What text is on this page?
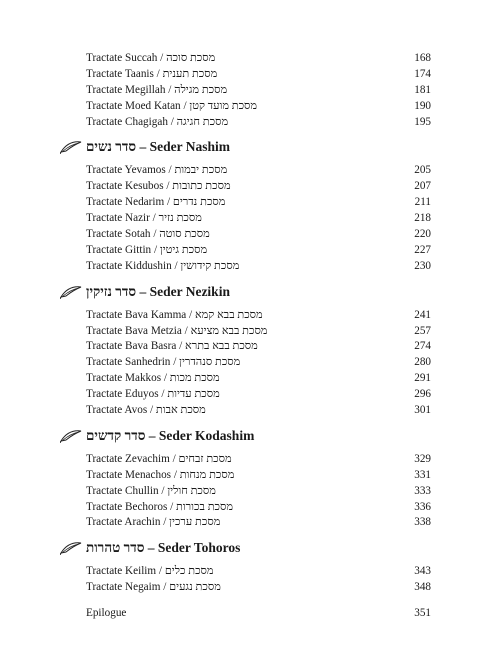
Tractate Succah / מסכת סוכה	168
Tractate Taanis / מסכת תענית	174
Tractate Megillah / מסכת מגילה	181
Tractate Moed Katan / מסכת מועד קטן	190
Tractate Chagigah / מסכת חגיגה	195
סדר נשים – Seder Nashim
Tractate Yevamos / מסכת יבמות	205
Tractate Kesubos / מסכת כתובות	207
Tractate Nedarim / מסכת נדרים	211
Tractate Nazir / מסכת נזיר	218
Tractate Sotah / מסכת סוטה	220
Tractate Gittin / מסכת גיטין	227
Tractate Kiddushin / מסכת קידושין	230
סדר נזיקין – Seder Nezikin
Tractate Bava Kamma / מסכת בבא קמא	241
Tractate Bava Metzia / מסכת בבא מציעא	257
Tractate Bava Basra / מסכת בבא בתרא	274
Tractate Sanhedrin / מסכת סנהדרין	280
Tractate Makkos / מסכת מכות	291
Tractate Eduyos / מסכת עדיות	296
Tractate Avos / מסכת אבות	301
סדר קדשים – Seder Kodashim
Tractate Zevachim / מסכת זבחים	329
Tractate Menachos / מסכת מנחות	331
Tractate Chullin / מסכת חולין	333
Tractate Bechoros / מסכת בכורות	336
Tractate Arachin / מסכת ערכין	338
סדר טהרות – Seder Tohoros
Tractate Keilim / מסכת כלים	343
Tractate Negaim / מסכת נגעים	348
Epilogue	351
